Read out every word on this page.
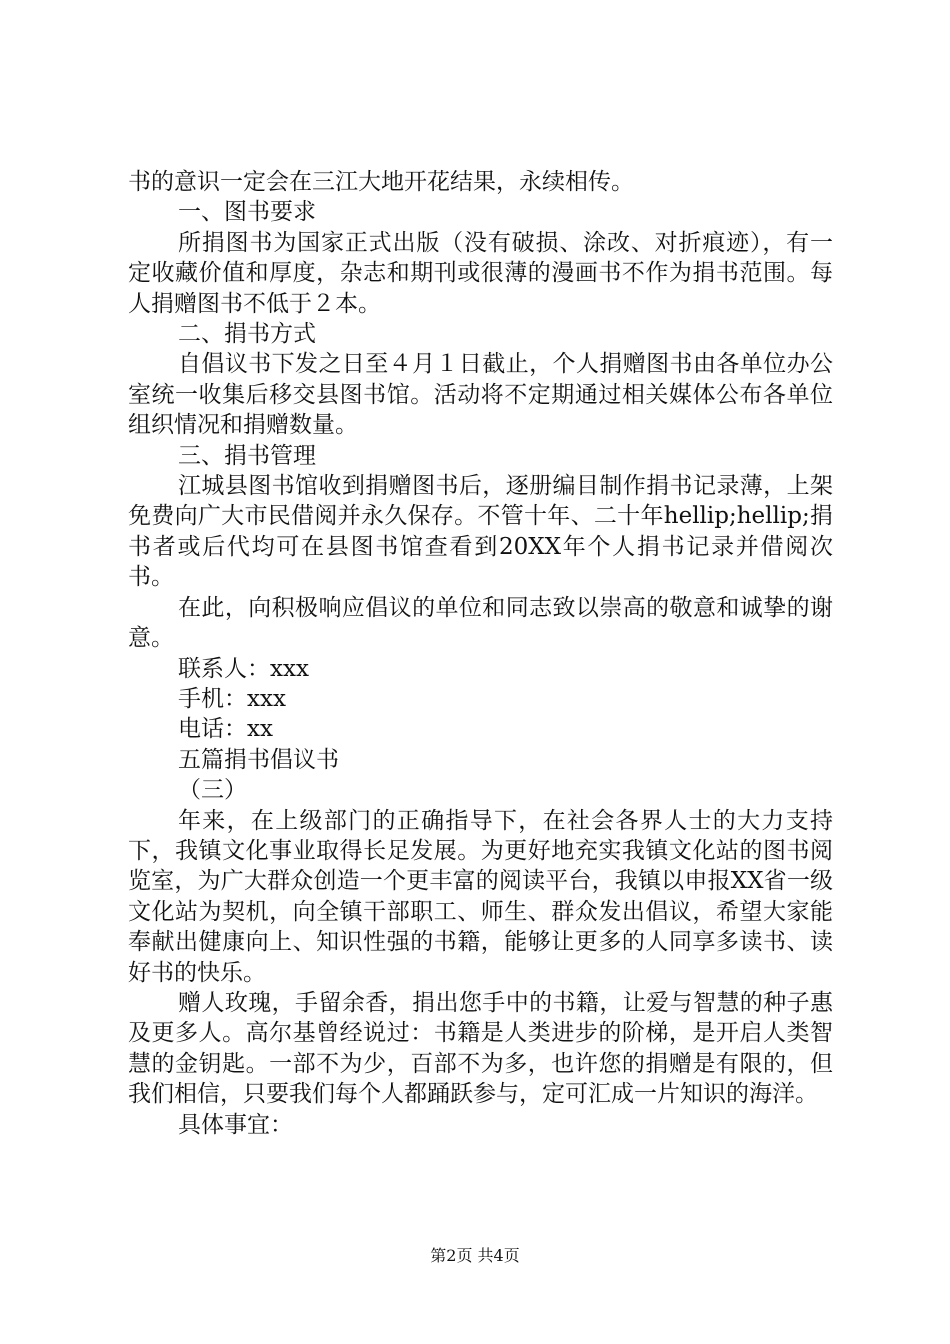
书的意识一定会在三江大地开花结果，永续相传。

一、图书要求

所捐图书为国家正式出版（没有破损、涂改、对折痕迹），有一定收藏价值和厚度，杂志和期刊或很薄的漫画书不作为捐书范围。每人捐赠图书不低于２本。

二、捐书方式

自倡议书下发之日至４月１日截止，个人捐赠图书由各单位办公室统一收集后移交县图书馆。活动将不定期通过相关媒体公布各单位组织情况和捐赠数量。

三、捐书管理

江城县图书馆收到捐赠图书后，逐册编目制作捐书记录薄，上架免费向广大市民借阅并永久保存。不管十年、二十年hellip;hellip;捐书者或后代均可在县图书馆查看到20XX年个人捐书记录并借阅次书。

在此，向积极响应倡议的单位和同志致以崇高的敬意和诚挚的谢意。

联系人：xxx

手机：xxx

电话：xx

五篇捐书倡议书

（三）

年来，在上级部门的正确指导下，在社会各界人士的大力支持下，我镇文化事业取得长足发展。为更好地充实我镇文化站的图书阅览室，为广大群众创造一个更丰富的阅读平台，我镇以申报XX省一级文化站为契机，向全镇干部职工、师生、群众发出倡议，希望大家能奉献出健康向上、知识性强的书籍，能够让更多的人同享多读书、读好书的快乐。

赠人玫瑰，手留余香，捐出您手中的书籍，让爱与智慧的种子惠及更多人。高尔基曾经说过：书籍是人类进步的阶梯，是开启人类智慧的金钥匙。一部不为少，百部不为多，也许您的捐赠是有限的，但我们相信，只要我们每个人都踊跃参与，定可汇成一片知识的海洋。

具体事宜：

第2页 共4页
